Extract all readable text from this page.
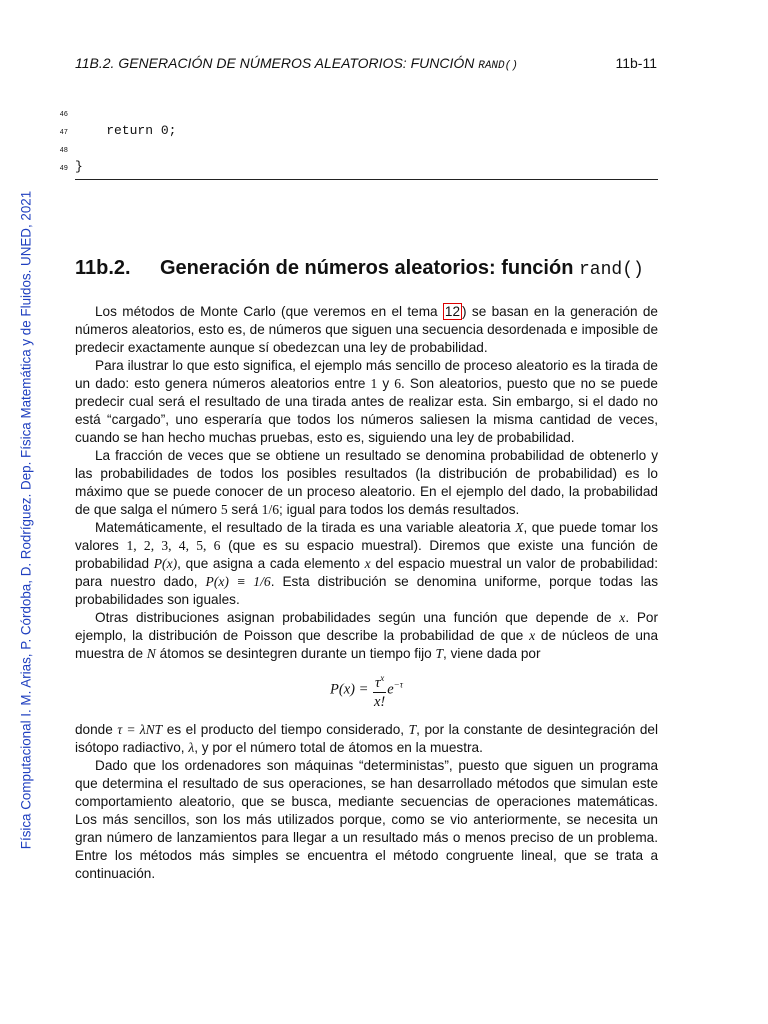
Física Computacional I. M. Arias, P. Córdoba, D. Rodríguez. Dep. Física Matemática y de Fluidos. UNED, 2021
11B.2. GENERACIÓN DE NÚMEROS ALEATORIOS: FUNCIÓN RAND()	11b-11
46
47 return 0;
48
49 }
11b.2. Generación de números aleatorios: función rand()

Los métodos de Monte Carlo (que veremos en el tema 12 ) se basan en la generación de números aleatorios, esto es, de números que siguen una secuencia desordenada e imposible de predecir exactamente aunque sí obedezcan una ley de probabilidad.

Para ilustrar lo que esto significa, el ejemplo más sencillo de proceso aleatorio es la tirada de un dado: esto genera números aleatorios entre 1 y 6. Son aleatorios, puesto que no se puede predecir cual será el resultado de una tirada antes de realizar esta. Sin embargo, si el dado no está “cargado”, uno esperaría que todos los números saliesen la misma cantidad de veces, cuando se han hecho muchas pruebas, esto es, siguiendo una ley de probabilidad.

La fracción de veces que se obtiene un resultado se denomina probabilidad de obtenerlo y las probabilidades de todos los posibles resultados (la distribución de probabilidad) es lo máximo que se puede conocer de un proceso aleatorio. En el ejemplo del dado, la probabilidad de que salga el número 5 será 1/6; igual para todos los demás resultados.

Matemáticamente, el resultado de la tirada es una variable aleatoria X, que puede tomar los valores 1, 2, 3, 4, 5, 6 (que es su espacio muestral). Diremos que existe una función de probabilidad P(x), que asigna a cada elemento x del espacio muestral un valor de probabilidad: para nuestro dado, P(x) ≡ 1/6. Esta distribución se denomina uniforme, porque todas las probabilidades son iguales.

Otras distribuciones asignan probabilidades según una función que depende de x. Por ejemplo, la distribución de Poisson que describe la probabilidad de que x de núcleos de una muestra de N átomos se desintegren durante un tiempo fijo T, viene dada por

$P(x) = \frac{\tau^x}{x!} e^{-\tau}$

donde τ = λNT es el producto del tiempo considerado, T, por la constante de desintegración del isótopo radiactivo, λ, y por el número total de átomos en la muestra.

Dado que los ordenadores son máquinas “deterministas”, puesto que siguen un programa que determina el resultado de sus operaciones, se han desarrollado métodos que simulan este comportamiento aleatorio, que se busca, mediante secuencias de operaciones matemáticas. Los más sencillos, son los más utilizados porque, como se vio anteriormente, se necesita un gran número de lanzamientos para llegar a un resultado más o menos preciso de un problema. Entre los métodos más simples se encuentra el método congruente lineal, que se trata a continuación.
